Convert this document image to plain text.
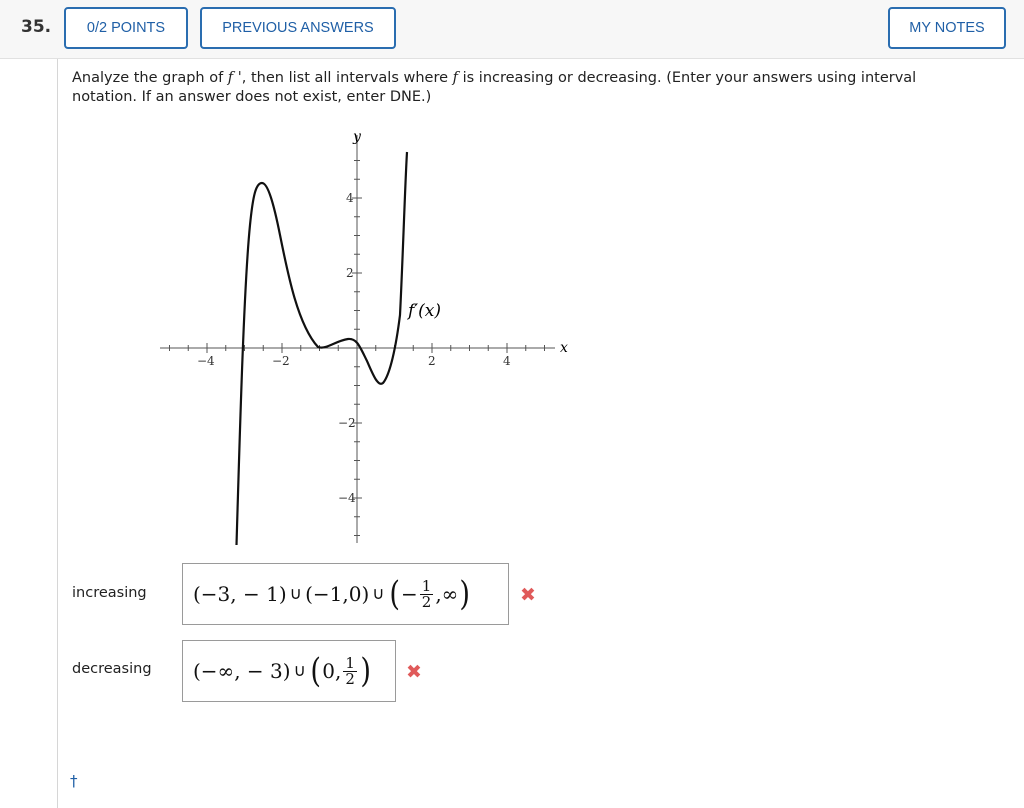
35.	0/2 POINTS	PREVIOUS ANSWERS	MY NOTES
Analyze the graph of f ', then list all intervals where f is increasing or decreasing. (Enter your answers using interval notation. If an answer does not exist, enter DNE.)
−4	−2	2	4
4
2
−2
−4
x
y
f′(x)
increasing (−3, − 1) ∪ (−1,0) ∪ ( − $\frac{1}{2}$ ,∞ )	✖
decreasing (−∞, − 3) ∪ ( 0, $\frac{1}{2}$ ) ✖
†
